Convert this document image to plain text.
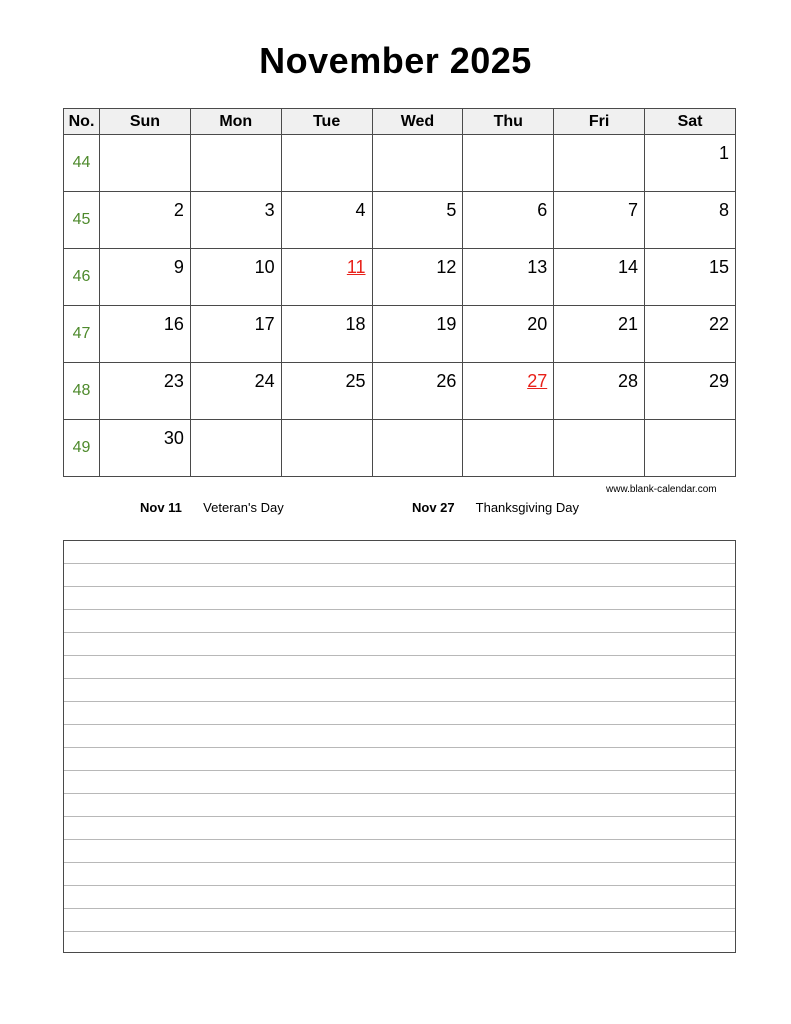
November 2025
No.	Sun	Mon	Tue	Wed	Thu	Fri	Sat
44							1

45	2	3	4	5	6	7	8

46	9	10	11	12	13	14	15

47	16	17	18	19	20	21	22

48	23	24	25	26	27	28	29

49	30						

www.blank-calendar.com
Nov 11 Veteran's Day	Nov 27 Thanksgiving Day
